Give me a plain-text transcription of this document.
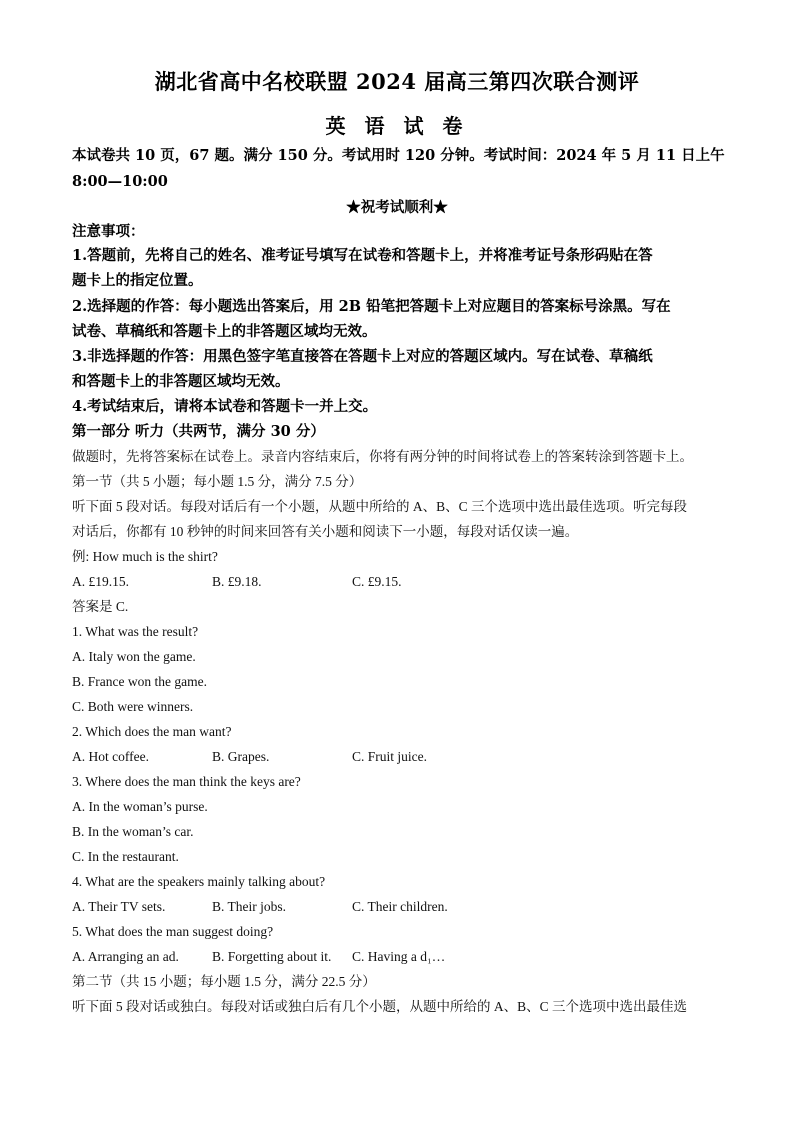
湖北省高中名校联盟 2024 届高三第四次联合测评
英 语 试 卷
本试卷共 10 页，67 题。满分 150 分。考试用时 120 分钟。考试时间：2024 年 5 月 11 日上午
8:00—10:00
★祝考试顺利★
注意事项：
1.答题前，先将自己的姓名、准考证号填写在试卷和答题卡上，并将准考证号条形码贴在答
题卡上的指定位置。
2.选择题的作答：每小题选出答案后，用 2B 铅笔把答题卡上对应题目的答案标号涂黑。写在
试卷、草稿纸和答题卡上的非答题区域均无效。
3.非选择题的作答：用黑色签字笔直接答在答题卡上对应的答题区域内。写在试卷、草稿纸
和答题卡上的非答题区域均无效。
4.考试结束后，请将本试卷和答题卡一并上交。
第一部分 听力（共两节，满分 30 分）
做题时，先将答案标在试卷上。录音内容结束后，你将有两分钟的时间将试卷上的答案转涂到答题卡上。
第一节（共 5 小题；每小题 1.5 分，满分 7.5 分）
听下面 5 段对话。每段对话后有一个小题，从题中所给的 A、B、C 三个选项中选出最佳选项。听完每段
对话后，你都有 10 秒钟的时间来回答有关小题和阅读下一小题，每段对话仅读一遍。
例: How much is the shirt?
A. £19.15.	B. £9.18.	C. £9.15.
答案是 C.
1. What was the result?
A. Italy won the game.
B. France won the game.
C. Both were winners.
2. Which does the man want?
A. Hot coffee.	B. Grapes.	C. Fruit juice.
3. Where does the man think the keys are?
A. In the woman’s purse.
B. In the woman’s car.
C. In the restaurant.
4. What are the speakers mainly talking about?
A. Their TV sets.	B. Their jobs.	C. Their children.
5. What does the man suggest doing?
A. Arranging an ad. B. Forgetting about it. C. Having a d₁…
第二节（共 15 小题；每小题 1.5 分，满分 22.5 分）
听下面 5 段对话或独白。每段对话或独白后有几个小题，从题中所给的 A、B、C 三个选项中选出最佳选
